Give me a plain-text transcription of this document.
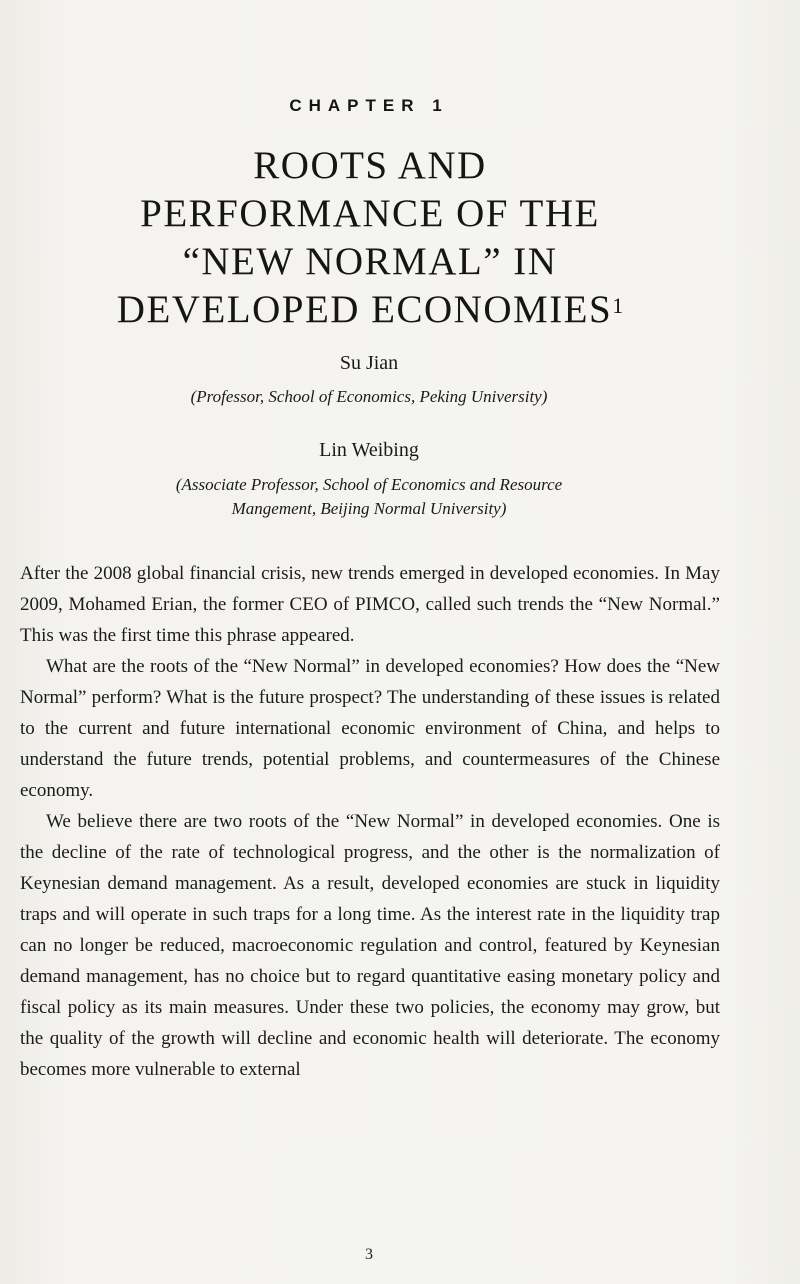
CHAPTER 1
ROOTS AND
PERFORMANCE OF THE
“NEW NORMAL” IN
DEVELOPED ECONOMIES$^1$
Su Jian
(Professor, School of Economics, Peking University)
Lin Weibing
(Associate Professor, School of Economics and Resource
Mangement, Beijing Normal University)

After the 2008 global financial crisis, new trends emerged in developed economies. In May 2009, Mohamed Erian, the former CEO of PIMCO, called such trends the “New Normal.” This was the first time this phrase appeared.

What are the roots of the “New Normal” in developed economies? How does the “New Normal” perform? What is the future prospect? The understanding of these issues is related to the current and future international economic environment of China, and helps to understand the future trends, potential problems, and countermeasures of the Chinese economy.

We believe there are two roots of the “New Normal” in developed economies. One is the decline of the rate of technological progress, and the other is the normalization of Keynesian demand management. As a result, developed economies are stuck in liquidity traps and will operate in such traps for a long time. As the interest rate in the liquidity trap can no longer be reduced, macroeconomic regulation and control, featured by Keynesian demand management, has no choice but to regard quantitative easing monetary policy and fiscal policy as its main measures. Under these two policies, the economy may grow, but the quality of the growth will decline and economic health will deteriorate. The economy becomes more vulnerable to external

3
